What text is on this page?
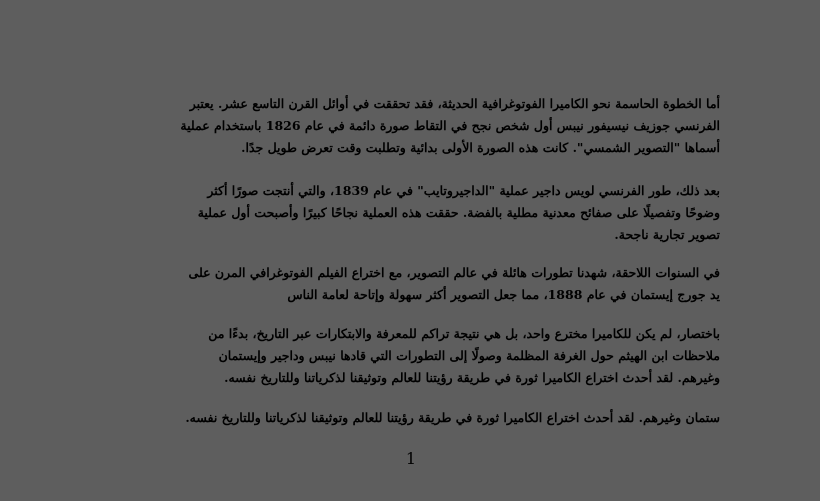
أما الخطوة الحاسمة نحو الكاميرا الفوتوغرافية الحديثة، فقد تحققت في أوائل القرن التاسع عشر. يعتبر

الفرنسي جوزيف نيسيفور نيبس أول شخص نجح في التقاط صورة دائمة في عام 1826 باستخدام عملية

أسماها "التصوير الشمسي". كانت هذه الصورة الأولى بدائية وتطلبت وقت تعرض طويل جدًا.

بعد ذلك، طور الفرنسي لويس داجير عملية "الداجيروتايب" في عام 1839، والتي أنتجت صورًا أكثر

وضوحًا وتفصيلًا على صفائح معدنية مطلية بالفضة. حققت هذه العملية نجاحًا كبيرًا وأصبحت أول عملية

تصوير تجارية ناجحة.

في السنوات اللاحقة، شهدنا تطورات هائلة في عالم التصوير، مع اختراع الفيلم الفوتوغرافي المرن على

يد جورج إيستمان في عام 1888، مما جعل التصوير أكثر سهولة وإتاحة لعامة الناس

باختصار، لم يكن للكاميرا مخترع واحد، بل هي نتيجة تراكم للمعرفة والابتكارات عبر التاريخ، بدءًا من

ملاحظات ابن الهيثم حول الغرفة المظلمة وصولًا إلى التطورات التي قادها نيبس وداجير وإيستمان

وغيرهم. لقد أحدث اختراع الكاميرا ثورة في طريقة رؤيتنا للعالم وتوثيقنا لذكرياتنا وللتاريخ نفسه.

ستمان وغيرهم. لقد أحدث اختراع الكاميرا ثورة في طريقة رؤيتنا للعالم وتوثيقنا لذكرياتنا وللتاريخ نفسه.

1
